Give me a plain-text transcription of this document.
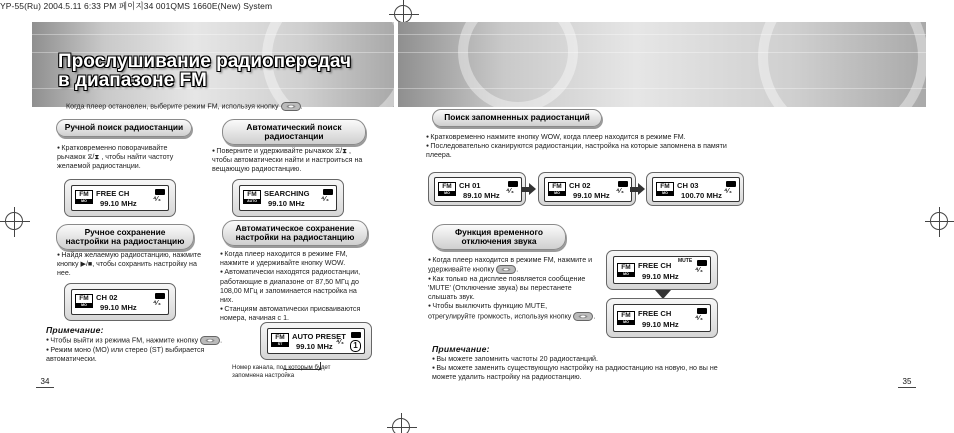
YP-55(Ru) 2004.5.11 6:33 PM 페이지34 001QMS 1660E(New) System
Прослушивание радиопередач
в диапазоне FM
Когда плеер остановлен, выберите режим FM, используя кнопку	.
Ручной поиск радиостанции
● Кратковременно поворачивайте рычажок ⧖/⧗ , чтобы найти частоту желаемой радиостанции.
FM
MO
FREE CH
99.10 MHz ⁴⁄₄
Автоматический поиск
радиостанции
● Поверните и удерживайте рычажок ⧖/⧗ , чтобы автоматически найти и настроиться на вещающую радиостанцию.
FM
AUTO
SEARCHING
99.10 MHz ⁴⁄₄
Ручное сохранение
настройки на радиостанцию
● Найдя желаемую радиостанцию, нажмите кнопку ▶/■, чтобы сохранить настройку на нее.
FM
MO
CH 02
99.10 MHz ⁴⁄₄
Автоматическое сохранение
настройки на радиостанцию
● Когда плеер находится в режиме FM, нажмите и удерживайте кнопку WOW.
● Автоматически находятся радиостанции, работающие в диапазоне от 87,50 МГц до 108,00 МГц и запоминается настройка на них.
● Станциям автоматически присваиваются номера, начиная с 1.
FM
ST
AUTO PRESET
99.10 MHz ⁴⁄₄	1
Номер канала, под которым будет запомнена настройка
Примечание:
● Чтобы выйти из режима FM, нажмите кнопку	.
● Режим моно (МО) или стерео (ST) выбирается автоматически.
34
Поиск запомненных радиостанций
● Кратковременно нажмите кнопку WOW, когда плеер находится в режиме FM.
● Последовательно сканируются радиостанции, настройка на которые запомнена в памяти плеера.
FM
MO
CH 01
89.10 MHz ⁴⁄₄
FM
MO
CH 02
99.10 MHz ⁴⁄₄
FM
MO
CH 03
100.70 MHz ⁴⁄₄
Функция временного
отключения звука
● Когда плеер находится в режиме FM, нажмите и удерживайте кнопку	.
● Как только на дисплее появляется сообщение 'MUTE' (Отключение звука) вы перестанете слышать звук.
● Чтобы выключить функцию MUTE, отрегулируйте громкость, используя кнопку	.
FM
MO
FREE CH
99.10 MHz
MUTE
⁴⁄₄
FM
MO
FREE CH
99.10 MHz
⁴⁄₄
Примечание:
● Вы можете запомнить частоты 20 радиостанций.
● Вы можете заменить существующую настройку на радиостанцию на новую, но вы не можете удалить настройку на радиостанцию.	35
